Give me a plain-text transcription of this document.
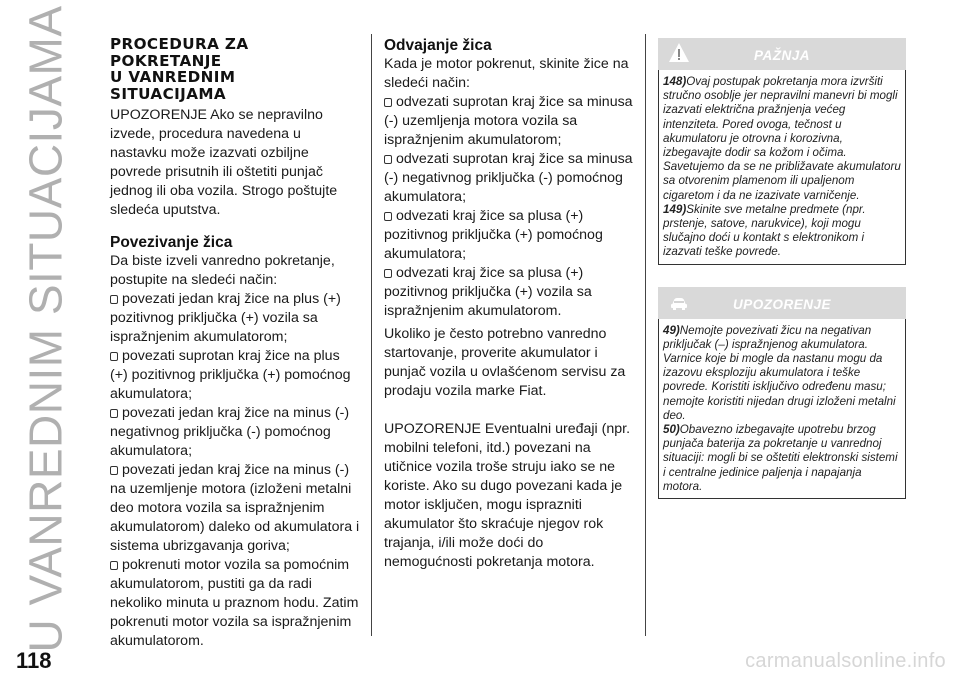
U VANREDNIM SITUACIJAMA PROCEDURA ZA
POKRETANJE
U VANREDNIM
SITUACIJAMA

UPOZORENJE Ako se nepravilno izvede, procedura navedena u nastavku može izazvati ozbiljne povrede prisutnih ili oštetiti punjač jednog ili oba vozila. Strogo poštujte sledeća uputstva.

Povezivanje žica

Da biste izveli vanredno pokretanje, postupite na sledeći način:

povezati jedan kraj žice na plus (+) pozitivnog priključka (+) vozila sa ispražnjenim akumulatorom;

povezati suprotan kraj žice na plus (+) pozitivnog priključka (+) pomoćnog akumulatora;

povezati jedan kraj žice na minus (-) negativnog priključka (-) pomoćnog akumulatora;

povezati jedan kraj žice na minus (-) na uzemljenje motora (izloženi metalni deo motora vozila sa ispražnjenim akumulatorom) daleko od akumulatora i sistema ubrizgavanja goriva;

pokrenuti motor vozila sa pomoćnim akumulatorom, pustiti ga da radi nekoliko minuta u praznom hodu. Zatim pokrenuti motor vozila sa ispražnjenim akumulatorom.

Odvajanje žica

Kada je motor pokrenut, skinite žice na sledeći način:

odvezati suprotan kraj žice sa minusa (-) uzemljenja motora vozila sa ispražnjenim akumulatorom;

odvezati suprotan kraj žice sa minusa (-) negativnog priključka (-) pomoćnog akumulatora;

odvezati kraj žice sa plusa (+) pozitivnog priključka (+) pomoćnog akumulatora;

odvezati kraj žice sa plusa (+) pozitivnog priključka (+) vozila sa ispražnjenim akumulatorom.

Ukoliko je često potrebno vanredno startovanje, proverite akumulator i punjač vozila u ovlašćenom servisu za prodaju vozila marke Fiat.

UPOZORENJE Eventualni uređaji (npr. mobilni telefoni, itd.) povezani na utičnice vozila troše struju iako se ne koriste. Ako su dugo povezani kada je motor isključen, mogu isprazniti akumulator što skraćuje njegov rok trajanja, i/ili može doći do nemogućnosti pokretanja motora.

PAŽNJA

148)Ovaj postupak pokretanja mora izvršiti stručno osoblje jer nepravilni manevri bi mogli izazvati električna pražnjenja većeg intenziteta. Pored ovoga, tečnost u akumulatoru je otrovna i korozivna, izbegavajte dodir sa kožom i očima. Savetujemo da se ne približavate akumulatoru sa otvorenim plamenom ili upaljenom cigaretom i da ne izazivate varničenje.

149)Skinite sve metalne predmete (npr. prstenje, satove, narukvice), koji mogu slučajno doći u kontakt s elektronikom i izazvati teške povrede.

UPOZORENJE

49)Nemojte povezivati žicu na negativan priključak (–) ispražnjenog akumulatora. Varnice koje bi mogle da nastanu mogu da izazovu eksploziju akumulatora i teške povrede. Koristiti isključivo određenu masu; nemojte koristiti nijedan drugi izloženi metalni deo.

50)Obavezno izbegavajte upotrebu brzog punjača baterija za pokretanje u vanrednoj situaciji: mogli bi se oštetiti elektronski sistemi i centralne jedinice paljenja i napajanja motora.

118	carmanualsonline.info
